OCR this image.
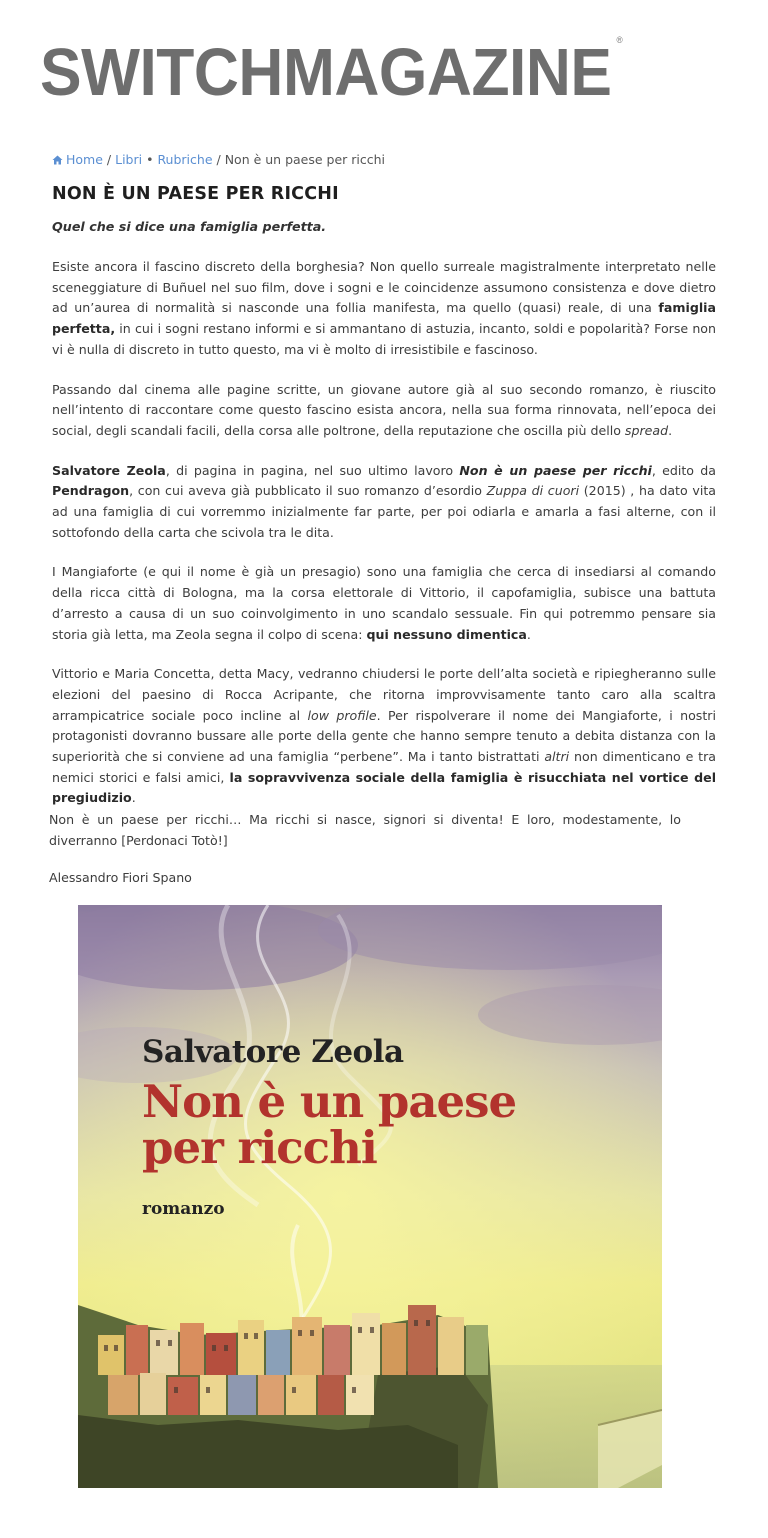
SWITCHMAGAZINE ®
Home / Libri • Rubriche / Non è un paese per ricchi
NON È UN PAESE PER RICCHI

Quel che si dice una famiglia perfetta.

Esiste ancora il fascino discreto della borghesia? Non quello surreale magistralmente interpretato nelle sceneggiature di Buñuel nel suo film, dove i sogni e le coincidenze assumono consistenza e dove dietro ad un’aurea di normalità si nasconde una follia manifesta, ma quello (quasi) reale, di una famiglia perfetta, in cui i sogni restano informi e si ammantano di astuzia, incanto, soldi e popolarità? Forse non vi è nulla di discreto in tutto questo, ma vi è molto di irresistibile e fascinoso.

Passando dal cinema alle pagine scritte, un giovane autore già al suo secondo romanzo, è riuscito nell’intento di raccontare come questo fascino esista ancora, nella sua forma rinnovata, nell’epoca dei social, degli scandali facili, della corsa alle poltrone, della reputazione che oscilla più dello spread.

Salvatore Zeola, di pagina in pagina, nel suo ultimo lavoro Non è un paese per ricchi, edito da Pendragon, con cui aveva già pubblicato il suo romanzo d’esordio Zuppa di cuori (2015) , ha dato vita ad una famiglia di cui vorremmo inizialmente far parte, per poi odiarla e amarla a fasi alterne, con il sottofondo della carta che scivola tra le dita.

I Mangiaforte (e qui il nome è già un presagio) sono una famiglia che cerca di insediarsi al comando della ricca città di Bologna, ma la corsa elettorale di Vittorio, il capofamiglia, subisce una battuta d’arresto a causa di un suo coinvolgimento in uno scandalo sessuale. Fin qui potremmo pensare sia storia già letta, ma Zeola segna il colpo di scena: qui nessuno dimentica.

Vittorio e Maria Concetta, detta Macy, vedranno chiudersi le porte dell’alta società e ripiegheranno sulle elezioni del paesino di Rocca Acripante, che ritorna improvvisamente tanto caro alla scaltra arrampicatrice sociale poco incline al low profile. Per rispolverare il nome dei Mangiaforte, i nostri protagonisti dovranno bussare alle porte della gente che hanno sempre tenuto a debita distanza con la superiorità che si conviene ad una famiglia “perbene”. Ma i tanto bistrattati altri non dimenticano e tra nemici storici e falsi amici, la sopravvivenza sociale della famiglia è risucchiata nel vortice del pregiudizio.

Non è un paese per ricchi… Ma ricchi si nasce, signori si diventa! E loro, modestamente, lo diverranno [Perdonaci Totò!]
Alessandro Fiori Spano
Salvatore Zeola
Non è un paese
per ricchi
romanzo
